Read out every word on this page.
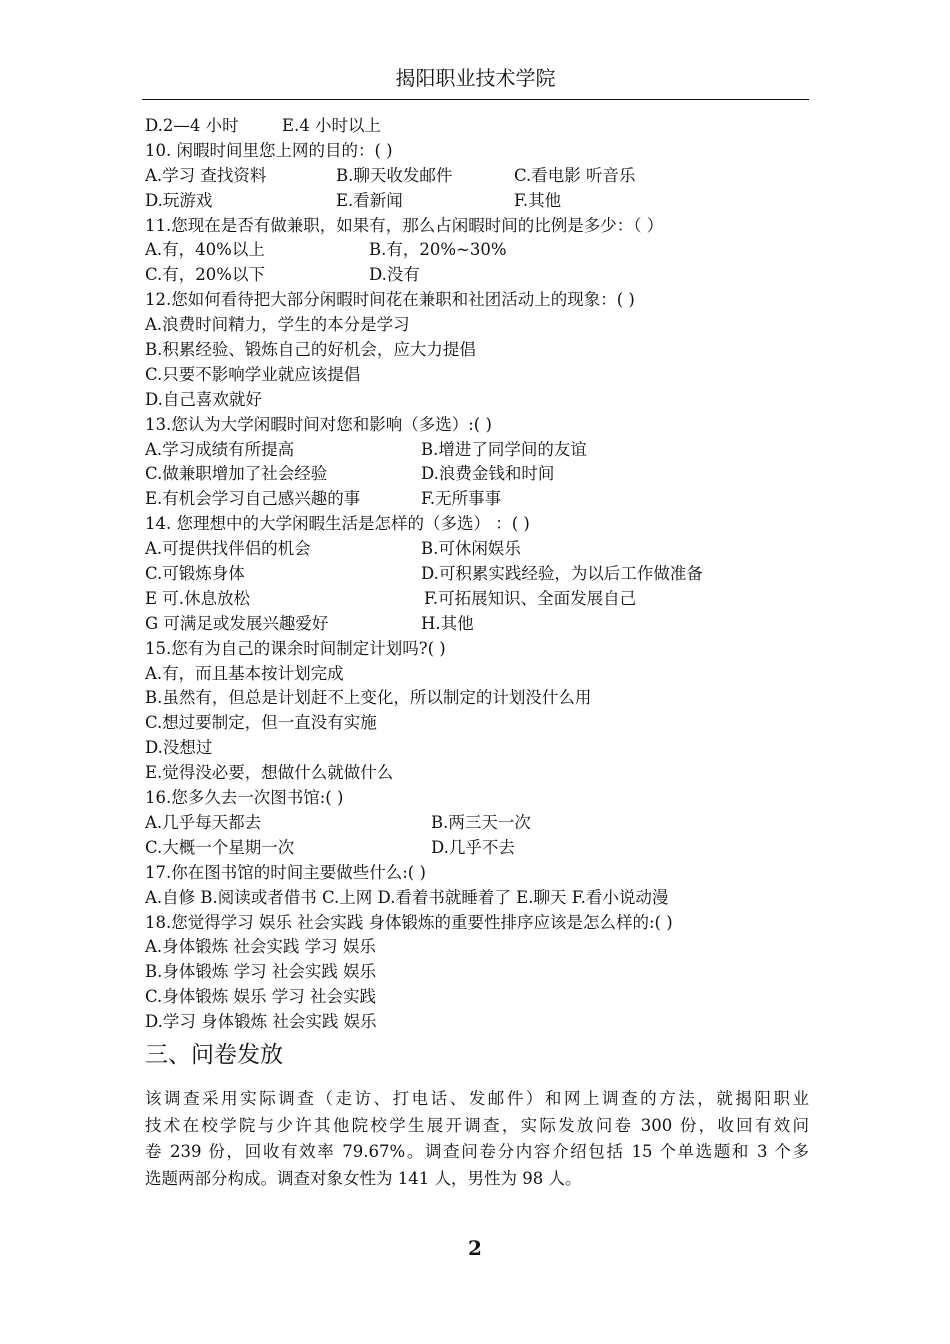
揭阳职业技术学院
D.2—4 小时	E.4 小时以上
10. 闲暇时间里您上网的目的：( )
A.学习 查找资料	B.聊天收发邮件	C.看电影 听音乐
D.玩游戏	E.看新闻	F.其他
11.您现在是否有做兼职，如果有，那么占闲暇时间的比例是多少：（ ）
A.有，40%以上	B.有，20%~30%
C.有，20%以下	D.没有
12.您如何看待把大部分闲暇时间花在兼职和社团活动上的现象：( )
A.浪费时间精力，学生的本分是学习
B.积累经验、锻炼自己的好机会，应大力提倡
C.只要不影响学业就应该提倡
D.自己喜欢就好
13.您认为大学闲暇时间对您和影响（多选）:( )
A.学习成绩有所提高	B.增进了同学间的友谊
C.做兼职增加了社会经验	D.浪费金钱和时间
E.有机会学习自己感兴趣的事	F.无所事事
14. 您理想中的大学闲暇生活是怎样的（多选） ：( )
A.可提供找伴侣的机会	B.可休闲娱乐
C.可锻炼身体	D.可积累实践经验，为以后工作做准备
E 可.休息放松	F.可拓展知识、全面发展自己
G 可满足或发展兴趣爱好	H.其他
15.您有为自己的课余时间制定计划吗?( )
A.有，而且基本按计划完成
B.虽然有，但总是计划赶不上变化，所以制定的计划没什么用
C.想过要制定，但一直没有实施
D.没想过
E.觉得没必要，想做什么就做什么
16.您多久去一次图书馆:( )
A.几乎每天都去	B.两三天一次
C.大概一个星期一次	D.几乎不去
17.你在图书馆的时间主要做些什么:( )
A.自修 B.阅读或者借书 C.上网 D.看着书就睡着了 E.聊天 F.看小说动漫
18.您觉得学习 娱乐 社会实践 身体锻炼的重要性排序应该是怎么样的:( )
A.身体锻炼 社会实践 学习 娱乐
B.身体锻炼 学习 社会实践 娱乐
C.身体锻炼 娱乐 学习 社会实践
D.学习 身体锻炼 社会实践 娱乐
三、问卷发放
该调查采用实际调查（走访、打电话、发邮件）和网上调查的方法，就揭阳职业
技术在校学院与少许其他院校学生展开调查，实际发放问卷 300 份，收回有效问
卷 239 份，回收有效率 79.67%。调查问卷分内容介绍包括 15 个单选题和 3 个多
选题两部分构成。调查对象女性为 141 人，男性为 98 人。
2
